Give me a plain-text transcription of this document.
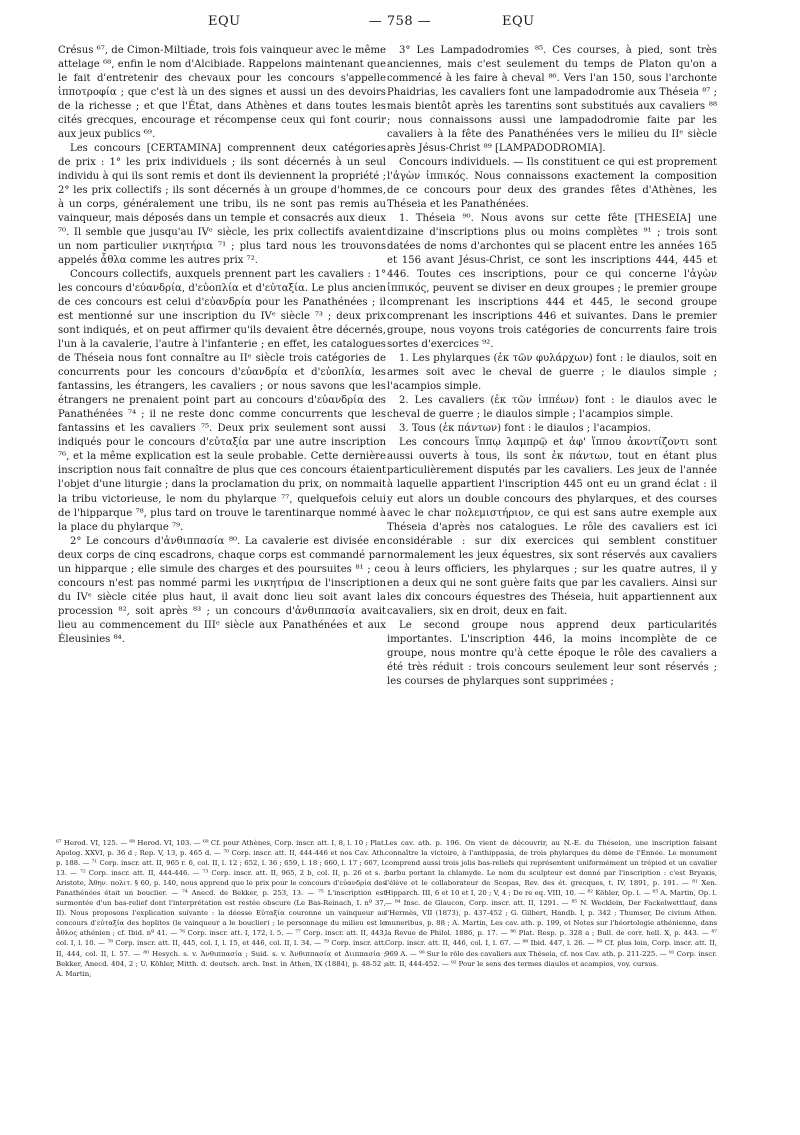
EQU	— 758 —	EQU

Crésus ⁶⁷, de Cimon-Miltiade, trois fois vainqueur avec le même attelage ⁶⁸, enfin le nom d'Alcibiade. Rappelons maintenant que le fait d'entretenir des chevaux pour les concours s'appelle ἱπποτροφία ; que c'est là un des signes et aussi un des devoirs de la richesse ; et que l'État, dans Athènes et dans toutes les cités grecques, encourage et récompense ceux qui font courir aux jeux publics ⁶⁹.

Les concours [CERTAMINA] comprennent deux catégories de prix : 1° les prix individuels ; ils sont décernés à un seul individu à qui ils sont remis et dont ils deviennent la propriété ; 2° les prix collectifs ; ils sont décernés à un groupe d'hommes, à un corps, généralement une tribu, ils ne sont pas remis au vainqueur, mais déposés dans un temple et consacrés aux dieux ⁷⁰. Il semble que jusqu'au IVᵉ siècle, les prix collectifs avaient un nom particulier νικητήρια ⁷¹ ; plus tard nous les trouvons appelés ἆθλα comme les autres prix ⁷².

Concours collectifs, auxquels prennent part les cavaliers : 1° les concours d'εὐανδρία, d'εὐοπλία et d'εὐταξία. Le plus ancien de ces concours est celui d'εὐανδρία pour les Panathénées ; il est mentionné sur une inscription du IVᵉ siècle ⁷³ ; deux prix sont indiqués, et on peut affirmer qu'ils devaient être décernés, l'un à la cavalerie, l'autre à l'infanterie ; en effet, les catalogues de Théseia nous font connaître au IIᵉ siècle trois catégories de concurrents pour les concours d'εὐανδρία et d'εὐοπλία, les fantassins, les étrangers, les cavaliers ; or nous savons que les étrangers ne prenaient point part au concours d'εὐανδρία des Panathénées ⁷⁴ ; il ne reste donc comme concurrents que les fantassins et les cavaliers ⁷⁵. Deux prix seulement sont aussi indiqués pour le concours d'εὐταξία par une autre inscription ⁷⁶, et la même explication est la seule probable. Cette dernière inscription nous fait connaître de plus que ces concours étaient l'objet d'une liturgie ; dans la proclamation du prix, on nommait la tribu victorieuse, le nom du phylarque ⁷⁷, quelquefois celui de l'hipparque ⁷⁸, plus tard on trouve le tarentinarque nommé à la place du phylarque ⁷⁹.

2° Le concours d'ἀνθιππασία ⁸⁰. La cavalerie est divisée en deux corps de cinq escadrons, chaque corps est commandé par un hipparque ; elle simule des charges et des poursuites ⁸¹ ; ce concours n'est pas nommé parmi les νικητήρια de l'inscription du IVᵉ siècle citée plus haut, il avait donc lieu soit avant la procession ⁸², soit après ⁸³ ; un concours d'ἀνθιππασία avait lieu au commencement du IIIᵉ siècle aux Panathénées et aux Éleusinies ⁸⁴.

3° Les Lampadodromies ⁸⁵. Ces courses, à pied, sont très anciennes, mais c'est seulement du temps de Platon qu'on a commencé à les faire à cheval ⁸⁶. Vers l'an 150, sous l'archonte Phaidrias, les cavaliers font une lampadodromie aux Théseia ⁸⁷ ; mais bientôt après les tarentins sont substitués aux cavaliers ⁸⁸ ; nous connaissons aussi une lampadodromie faite par les cavaliers à la fête des Panathénées vers le milieu du IIᵉ siècle après Jésus-Christ ⁸⁹ [LAMPADODROMIA].

Concours individuels. — Ils constituent ce qui est proprement l'ἀγὼν ἱππικός. Nous connaissons exactement la composition de ce concours pour deux des grandes fêtes d'Athènes, les Théseia et les Panathénées.

1. Théseia ⁹⁰. Nous avons sur cette fête [THESEIA] une dizaine d'inscriptions plus ou moins complètes ⁹¹ ; trois sont datées de noms d'archontes qui se placent entre les années 165 et 156 avant Jésus-Christ, ce sont les inscriptions 444, 445 et 446. Toutes ces inscriptions, pour ce qui concerne l'ἀγὼν ἱππικός, peuvent se diviser en deux groupes ; le premier groupe comprenant les inscriptions 444 et 445, le second groupe comprenant les inscriptions 446 et suivantes. Dans le premier groupe, nous voyons trois catégories de concurrents faire trois sortes d'exercices ⁹².

1. Les phylarques (ἐκ τῶν φυλάρχων) font : le diaulos, soit en armes soit avec le cheval de guerre ; le diaulos simple ; l'acampios simple.

2. Les cavaliers (ἐκ τῶν ἱππέων) font : le diaulos avec le cheval de guerre ; le diaulos simple ; l'acampios simple.

3. Tous (ἐκ πάντων) font : le diaulos ; l'acampios.

Les concours ἵππῳ λαμπρῷ et ἀφ' ἵππου ἀκοντίζοντι sont aussi ouverts à tous, ils sont ἐκ πάντων, tout en étant plus particulièrement disputés par les cavaliers. Les jeux de l'année à laquelle appartient l'inscription 445 ont eu un grand éclat : il y eut alors un double concours des phylarques, et des courses avec le char πολεμιστήριον, ce qui est sans autre exemple aux Théseia d'après nos catalogues. Le rôle des cavaliers est ici considérable : sur dix exercices qui semblent constituer normalement les jeux équestres, six sont réservés aux cavaliers ou à leurs officiers, les phylarques ; sur les quatre autres, il y en a deux qui ne sont guère faits que par les cavaliers. Ainsi sur les dix concours équestres des Théseia, huit appartiennent aux cavaliers, six en droit, deux en fait.

Le second groupe nous apprend deux particularités importantes. L'inscription 446, la moins incomplète de ce groupe, nous montre qu'à cette époque le rôle des cavaliers a été très réduit : trois concours seulement leur sont réservés ; les courses de phylarques sont supprimées ;

⁶⁷ Herod. VI, 125. — ⁶⁸ Herod. VI, 103. — ⁶⁹ Cf. pour Athènes, Corp. inscr. att. I, 8, l. 10 ; Plat. Apolog. XXVI, p. 36 d ; Rep. V, 13, p. 465 d. — ⁷⁰ Corp. inscr. att. II, 444-446 et nos Cav. Ath. p. 188. — ⁷¹ Corp. inscr. att. II, 965 r. 6, col. II, l. 12 ; 652, l. 36 ; 659, l. 18 ; 660, l. 17 ; 667, l. 13. — ⁷² Corp. inscr. att. II, 444-446. — ⁷³ Corp. inscr. att. II, 965, 2 b, col. II, p. 26 et s. ; Aristote, Ἀθην. πολιτ. § 60, p. 140, nous apprend que le prix pour le concours d'εὐανδρία des Panathénées était un bouclier. — ⁷⁴ Anecd. de Bekker, p. 253, 13. — ⁷⁵ L'inscription est surmontée d'un bas-relief dont l'interprétation est restée obscure (Le Bas-Reinach, I. nº 37, II). Nous proposons l'explication suivante : la déesse Εὐταξία couronne un vainqueur au concours d'εὐταξία des hoplites (le vainqueur a le bouclier) ; le personnage du milieu est le ἆθλος athénien ; cf. Ibid. nº 41. — ⁷⁶ Corp. inscr. att. I, 172, l. 5. — ⁷⁷ Corp. inscr. att. II, 443, col. I, l. 10. — ⁷⁸ Corp. inscr. att. II, 445, col. I, l. 15, et 446, col. II, l. 34. — ⁷⁹ Corp. inscr. att. II, 444, col. II, l. 57. — ⁸⁰ Hesych. s. v. Ἀνθιππασία ; Suid. s. v. Ἀνθιππασία et Διιππασία ; Bekker, Anecd. 404, 2 ; U. Köhler, Mitth. d. deutsch. arch. Inst. in Athen, IX (1884), p. 48-52 ; A. Martin,

Les cav. ath. p. 196. On vient de découvrir, au N.-E. du Théseion, une inscription faisant connaître la victoire, à l'anthippasia, de trois phylarques du dème de l'Ennée. Le monument comprend aussi trois jolis bas-reliefs qui représentent uniformément un trépied et un cavalier barbu portant la chlamyde. Le nom du sculpteur est donné par l'inscription : c'est Bryaxis, l'élève et le collaborateur de Scopas, Rev. des ét. grecques, t. IV, 1891, p. 191. — ⁸¹ Xen. Hipparch. III, 6 et 10 et I, 20 ; V, 4 ; De re eq. VIII, 10. — ⁸² Köhler, Op. l. — ⁸³ A. Martin, Op. l. — ⁸⁴ Insc. de Glaucon, Corp. inscr. att. II, 1291. — ⁸⁵ N. Wecklein, Der Fackelwettlauf, dans l'Hermès, VII (1873), p. 437-452 ; G. Gilbert, Handb. I, p. 342 ; Thumser, De civium Athen. muneribus, p. 88 ; A. Martin, Les cav. ath. p. 199, et Notes sur l'héortologie athénienne, dans la Revue de Philol. 1886, p. 17. — ⁸⁶ Plat. Resp. p. 328 a ; Bull. de corr. hell. X, p. 443. — ⁸⁷ Corp. inscr. att. II, 446, col. I, l. 67. — ⁸⁸ Ibid. 447, l. 26. — ⁸⁹ Cf. plus loin, Corp. inscr. att. II, 969 A. — ⁹⁰ Sur le rôle des cavaliers aux Théseia, cf. nos Cav. ath. p. 211-225. — ⁹¹ Corp. inscr. att. II, 444-452. — ⁹² Pour le sens des termes diaulos et acampios, voy. cursus.
